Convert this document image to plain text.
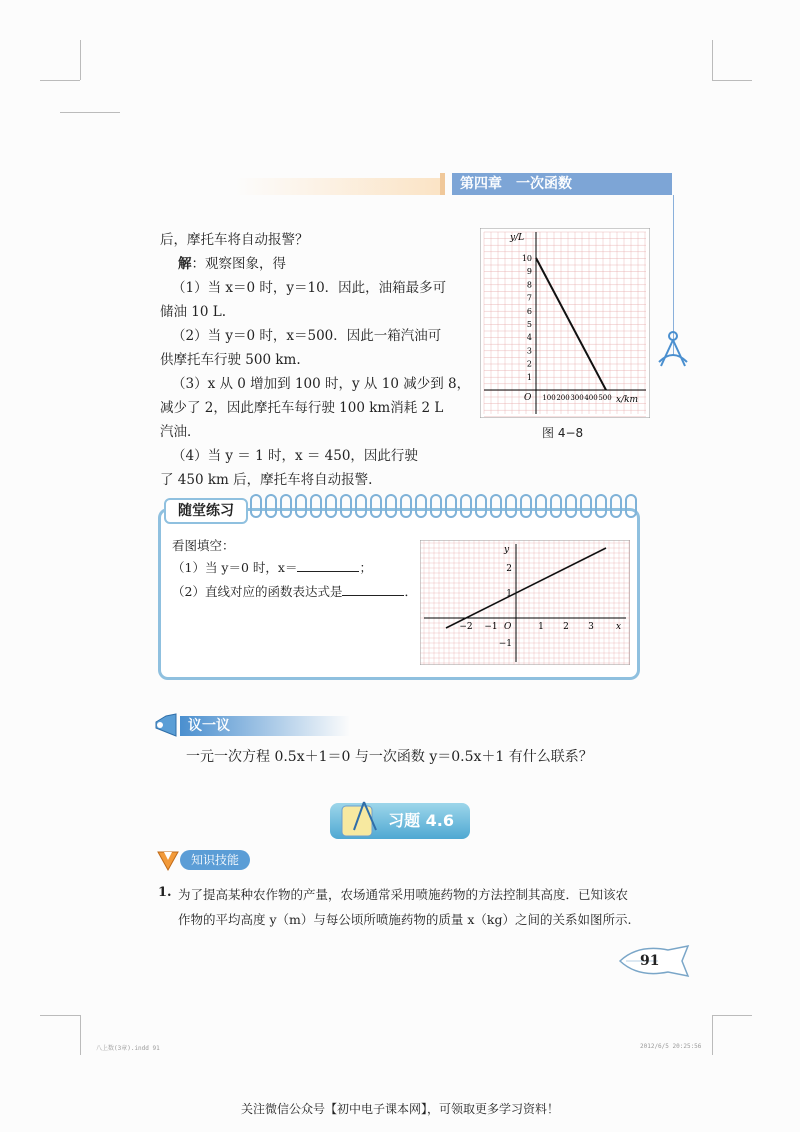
第四章　一次函数
后，摩托车将自动报警？
解：观察图象，得
（1）当 x＝0 时，y＝10．因此，油箱最多可
储油 10 L.
（2）当 y＝0 时，x＝500．因此一箱汽油可
供摩托车行驶 500 km.
（3）x 从 0 增加到 100 时，y 从 10 减少到 8，
减少了 2，因此摩托车每行驶 100 km消耗 2 L
汽油．
（4）当 y ＝ 1 时，x ＝ 450，因此行驶
了 450 km 后，摩托车将自动报警.
10
9
8
7
6
5
4
3
2
1
100 200 300 400 500
O
y/L
x/km
图 4−8
随堂练习
看图填空：
（1）当 y＝0 时，x＝	；
（2）直线对应的函数表达式是	．
−2 −1	1 2 3
2
1
−1
O
y
x
议一议
一元一次方程 0.5x＋1＝0 与一次函数 y＝0.5x＋1 有什么联系？
习题 4.6
知识技能
1. 为了提高某种农作物的产量，农场通常采用喷施药物的方法控制其高度．已知该农
作物的平均高度 y（m）与每公顷所喷施药物的质量 x（kg）之间的关系如图所示.
91
八上数(3章).indd 91	2012/6/5 20:25:56
关注微信公众号【初中电子课本网】，可领取更多学习资料！
